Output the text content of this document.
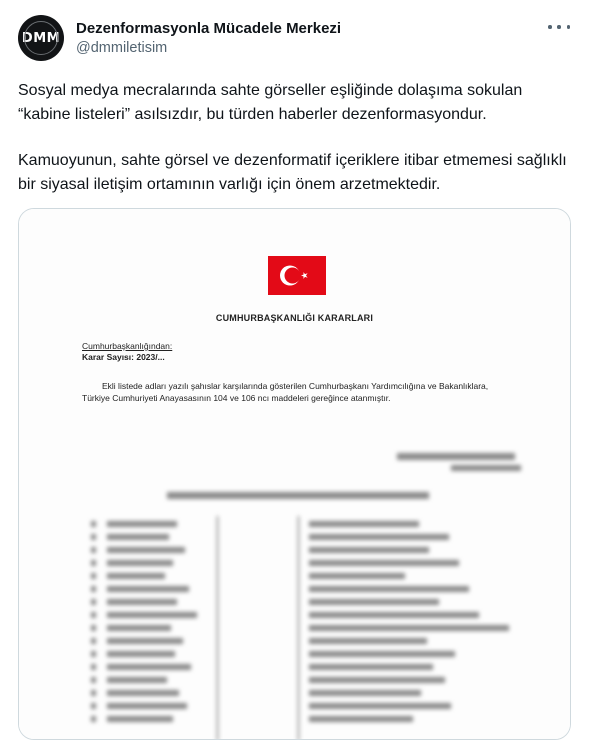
DMM
Dezenformasyonla Mücadele Merkezi
@dmmiletisim

Sosyal medya mecralarında sahte görseller eşliğinde dolaşıma sokulan “kabine listeleri” asılsızdır, bu türden haberler dezenformasyondur.

Kamuoyunun, sahte görsel ve dezenformatif içeriklere itibar etmemesi sağlıklı bir siyasal iletişim ortamının varlığı için önem arzetmektedir.

CUMHURBAŞKANLIĞI KARARLARI
Cumhurbaşkanlığından:
Karar Sayısı: 2023/...

Ekli listede adları yazılı şahıslar karşılarında gösterilen Cumhurbaşkanı Yardımcılığına ve Bakanlıklara, Türkiye Cumhuriyeti Anayasasının 104 ve 106 ncı maddeleri gereğince atanmıştır.
